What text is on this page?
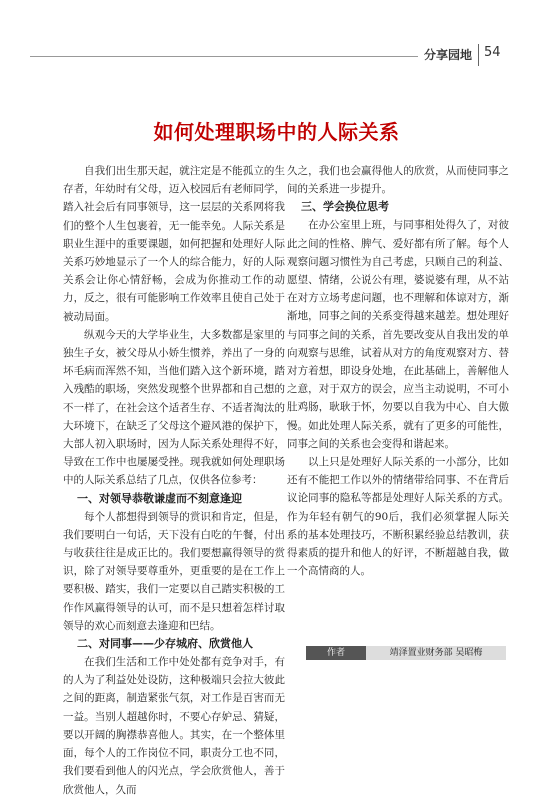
分享园地 54
如何处理职场中的人际关系

自我们出生那天起，就注定是不能孤立的生存者，年幼时有父母，迈入校园后有老师同学，踏入社会后有同事领导，这一层层的关系网将我们的整个人生包裹着，无一能幸免。人际关系是职业生涯中的重要课题，如何把握和处理好人际关系巧妙地显示了一个人的综合能力，好的人际关系会让你心情舒畅，会成为你推动工作的动力，反之，很有可能影响工作效率且使自己处于被动局面。

纵观今天的大学毕业生，大多数都是家里的独生子女，被父母从小娇生惯养，养出了一身的坏毛病而浑然不知，当他们踏入这个新环境，踏入残酷的职场，突然发现整个世界都和自己想的不一样了，在社会这个适者生存、不适者淘汰的大环境下，在缺乏了父母这个避风港的保护下，大部人初入职场时，因为人际关系处理得不好，导致在工作中也屡屡受挫。现我就如何处理职场中的人际关系总结了几点，仅供各位参考：

一、对领导恭敬谦虚而不刻意逢迎

每个人都想得到领导的赏识和肯定，但是，我们要明白一句话，天下没有白吃的午餐，付出与收获往往是成正比的。我们要想赢得领导的赏识，除了对领导要尊重外，更重要的是在工作上要积极、踏实，我们一定要以自己踏实积极的工作作风赢得领导的认可，而不是只想着怎样讨取领导的欢心而刻意去逢迎和巴结。

二、对同事——少存城府、欣赏他人

在我们生活和工作中处处都有竞争对手，有的人为了利益处处设防，这种极端只会拉大彼此之间的距离，制造紧张气氛，对工作是百害而无一益。当别人超越你时，不要心存妒忌、猜疑，要以开阔的胸襟恭喜他人。其实，在一个整体里面，每个人的工作岗位不同，职责分工也不同，我们要看到他人的闪光点，学会欣赏他人，善于欣赏他人，久而

久之，我们也会赢得他人的欣赏，从而使同事之间的关系进一步提升。

三、学会换位思考

在办公室里上班，与同事相处得久了，对彼此之间的性格、脾气、爱好都有所了解。每个人观察问题习惯性为自己考虑，只顾自己的利益、愿望、情绪，公说公有理，婆说婆有理，从不站在对方立场考虑问题，也不理解和体谅对方，渐渐地，同事之间的关系变得越来越差。想处理好与同事之间的关系，首先要改变从自我出发的单向观察与思维，试着从对方的角度观察对方、替对方着想，即设身处地，在此基础上，善解他人之意，对于双方的误会，应当主动说明，不可小肚鸡肠，耿耿于怀，勿要以自我为中心、自大傲慢。如此处理人际关系，就有了更多的可能性，同事之间的关系也会变得和谐起来。

以上只是处理好人际关系的一小部分，比如还有不能把工作以外的情绪带给同事、不在背后议论同事的隐私等都是处理好人际关系的方式。作为年轻有朝气的90后，我们必须掌握人际关系的基本处理技巧，不断积累经验总结教训，获得素质的提升和他人的好评，不断超越自我，做一个高情商的人。

作者	靖泽置业财务部 吴昭梅
